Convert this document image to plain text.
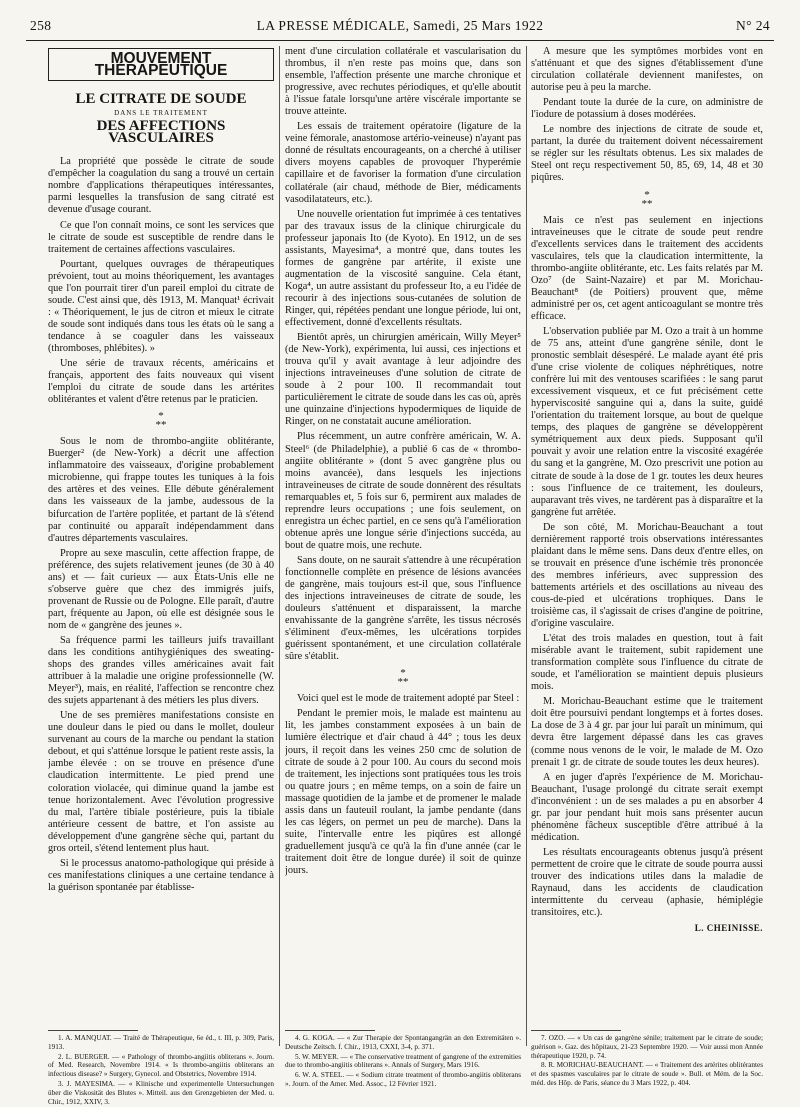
258	LA PRESSE MÉDICALE, Samedi, 25 Mars 1922	N° 24
MOUVEMENT THÉRAPEUTIQUE
LE CITRATE DE SOUDE
DANS LE TRAITEMENT
DES AFFECTIONS VASCULAIRES

La propriété que possède le citrate de soude d'empêcher la coagulation du sang a trouvé un certain nombre d'applications thérapeutiques intéressantes, parmi lesquelles la transfusion de sang citraté est devenue d'usage courant.

Ce que l'on connaît moins, ce sont les services que le citrate de soude est susceptible de rendre dans le traitement de certaines affections vasculaires.

Pourtant, quelques ouvrages de thérapeutiques prévoient, tout au moins théoriquement, les avantages que l'on pourrait tirer d'un pareil emploi du citrate de soude. C'est ainsi que, dès 1913, M. Manquat¹ écrivait : « Théoriquement, le jus de citron et mieux le citrate de soude sont indiqués dans tous les états où le sang a tendance à se coaguler dans les vaisseaux (thromboses, phlébites). »

Une série de travaux récents, américains et français, apportent des faits nouveaux qui visent l'emploi du citrate de soude dans les artérites oblitérantes et valent d'être retenus par le praticien.

*
**

Sous le nom de thrombo-angiite oblitérante, Buerger² (de New-York) a décrit une affection inflammatoire des vaisseaux, d'origine probablement microbienne, qui frappe toutes les tuniques à la fois des artères et des veines. Elle débute généralement dans les vaisseaux de la jambe, audessous de la bifurcation de l'artère poplitée, et partant de là s'étend par continuité ou apparaît indépendamment dans d'autres départements vasculaires.

Propre au sexe masculin, cette affection frappe, de préférence, des sujets relativement jeunes (de 30 à 40 ans) et — fait curieux — aux États-Unis elle ne s'observe guère que chez des immigrés juifs, provenant de Russie ou de Pologne. Elle paraît, d'autre part, fréquente au Japon, où elle est désignée sous le nom de « gangrène des jeunes ».

Sa fréquence parmi les tailleurs juifs travaillant dans les conditions antihygiéniques des sweating-shops des grandes villes américaines avait fait attribuer à la maladie une origine professionnelle (W. Meyer³), mais, en réalité, l'affection se rencontre chez des sujets appartenant à des métiers les plus divers.

Une de ses premières manifestations consiste en une douleur dans le pied ou dans le mollet, douleur survenant au cours de la marche ou pendant la station debout, et qui s'atténue lorsque le patient reste assis, la jambe élevée : on se trouve en présence d'une claudication intermittente. Le pied prend une coloration violacée, qui diminue quand la jambe est tenue horizontalement. Avec l'évolution progressive du mal, l'artère tibiale postérieure, puis la tibiale antérieure cessent de battre, et l'on assiste au développement d'une gangrène sèche qui, partant du gros orteil, s'étend lentement plus haut.

Si le processus anatomo-pathologique qui préside à ces manifestations cliniques a une certaine tendance à la guérison spontanée par établisse-

ment d'une circulation collatérale et vascularisation du thrombus, il n'en reste pas moins que, dans son ensemble, l'affection présente une marche chronique et progressive, avec rechutes périodiques, et qu'elle aboutit à l'issue fatale lorsqu'une artère viscérale importante se trouve atteinte.

Les essais de traitement opératoire (ligature de la veine fémorale, anastomose artério-veineuse) n'ayant pas donné de résultats encourageants, on a cherché à utiliser divers moyens capables de provoquer l'hyperémie capillaire et de favoriser la formation d'une circulation collatérale (air chaud, méthode de Bier, médicaments vasodilatateurs, etc.).

Une nouvelle orientation fut imprimée à ces tentatives par des travaux issus de la clinique chirurgicale du professeur japonais Ito (de Kyoto). En 1912, un de ses assistants, Mayesima⁴, a montré que, dans toutes les formes de gangrène par artérite, il existe une augmentation de la viscosité sanguine. Cela étant, Koga⁴, un autre assistant du professeur Ito, a eu l'idée de recourir à des injections sous-cutanées de solution de Ringer, qui, répétées pendant une longue période, lui ont, effectivement, donné d'excellents résultats.

Bientôt après, un chirurgien américain, Willy Meyer⁵ (de New-York), expérimenta, lui aussi, ces injections et trouva qu'il y avait avantage à leur adjoindre des injections intraveineuses d'une solution de citrate de soude à 2 pour 100. Il recommandait tout particulièrement le citrate de soude dans les cas où, après une quinzaine d'injections hypodermiques de liquide de Ringer, on ne constatait aucune amélioration.

Plus récemment, un autre confrère américain, W. A. Steel⁶ (de Philadelphie), a publié 6 cas de « thrombo-angiite oblitérante » (dont 5 avec gangrène plus ou moins avancée), dans lesquels les injections intraveineuses de citrate de soude donnèrent des résultats remarquables et, 5 fois sur 6, permirent aux malades de reprendre leurs occupations ; une fois seulement, on enregistra un échec partiel, en ce sens qu'à l'amélioration obtenue après une longue série d'injections succéda, au bout de quatre mois, une rechute.

Sans doute, on ne saurait s'attendre à une récupération fonctionnelle complète en présence de lésions avancées de gangrène, mais toujours est-il que, sous l'influence des injections intraveineuses de citrate de soude, les douleurs s'atténuent et disparaissent, la marche envahissante de la gangrène s'arrête, les tissus nécrosés s'éliminent d'eux-mêmes, les ulcérations torpides guérissent spontanément, et une circulation collatérale sûre s'établit.

*
**

Voici quel est le mode de traitement adopté par Steel :

Pendant le premier mois, le malade est maintenu au lit, les jambes constamment exposées à un bain de lumière électrique et d'air chaud à 44° ; tous les deux jours, il reçoit dans les veines 250 cmc de solution de citrate de soude à 2 pour 100. Au cours du second mois de traitement, les injections sont pratiquées tous les trois ou quatre jours ; en même temps, on a soin de faire un massage quotidien de la jambe et de promener le malade assis dans un fauteuil roulant, la jambe pendante (dans les cas légers, on permet un peu de marche). Dans la suite, l'intervalle entre les piqûres est allongé graduellement jusqu'à ce qu'à la fin d'une année (car le traitement doit être de longue durée) il soit de quinze jours.

A mesure que les symptômes morbides vont en s'atténuant et que des signes d'établissement d'une circulation collatérale deviennent manifestes, on autorise peu à peu la marche.

Pendant toute la durée de la cure, on administre de l'iodure de potassium à doses modérées.

Le nombre des injections de citrate de soude et, partant, la durée du traitement doivent nécessairement se régler sur les résultats obtenus. Les six malades de Steel ont reçu respectivement 50, 85, 69, 14, 48 et 30 piqûres.

*
**

Mais ce n'est pas seulement en injections intraveineuses que le citrate de soude peut rendre d'excellents services dans le traitement des accidents vasculaires, tels que la claudication intermittente, la thrombo-angiite oblitérante, etc. Les faits relatés par M. Ozo⁷ (de Saint-Nazaire) et par M. Morichau-Beauchant⁸ (de Poitiers) prouvent que, même administré per os, cet agent anticoagulant se montre très efficace.

L'observation publiée par M. Ozo a trait à un homme de 75 ans, atteint d'une gangrène sénile, dont le pronostic semblait désespéré. Le malade ayant été pris d'une crise violente de coliques néphrétiques, notre confrère lui mit des ventouses scarifiées : le sang parut excessivement visqueux, et ce fut précisément cette hyperviscosité sanguine qui a, dans la suite, guidé l'orientation du traitement lorsque, au bout de quelque temps, des plaques de gangrène se développèrent symétriquement aux deux pieds. Supposant qu'il pouvait y avoir une relation entre la viscosité exagérée du sang et la gangrène, M. Ozo prescrivit une potion au citrate de soude à la dose de 1 gr. toutes les deux heures : sous l'influence de ce traitement, les douleurs, auparavant très vives, ne tardèrent pas à disparaître et la gangrène fut arrêtée.

De son côté, M. Morichau-Beauchant a tout dernièrement rapporté trois observations intéressantes plaidant dans le même sens. Dans deux d'entre elles, on se trouvait en présence d'une ischémie très prononcée des membres inférieurs, avec suppression des battements artériels et des oscillations au niveau des cous-de-pied et ulcérations trophiques. Dans le troisième cas, il s'agissait de crises d'angine de poitrine, d'origine vasculaire.

L'état des trois malades en question, tout à fait misérable avant le traitement, subit rapidement une transformation complète sous l'influence du citrate de soude, et l'amélioration se maintient depuis plusieurs mois.

M. Morichau-Beauchant estime que le traitement doit être poursuivi pendant longtemps et à fortes doses. La dose de 3 à 4 gr. par jour lui paraît un minimum, qui devra être largement dépassé dans les cas graves (comme nous venons de le voir, le malade de M. Ozo prenait 1 gr. de citrate de soude toutes les deux heures).

A en juger d'après l'expérience de M. Morichau-Beauchant, l'usage prolongé du citrate serait exempt d'inconvénient : un de ses malades a pu en absorber 4 gr. par jour pendant huit mois sans présenter aucun phénomène fâcheux susceptible d'être attribué à la médication.

Les résultats encourageants obtenus jusqu'à présent permettent de croire que le citrate de soude pourra aussi trouver des indications utiles dans la maladie de Raynaud, dans les accidents de claudication intermittente du cerveau (aphasie, hémiplégie transitoires, etc.).

L. CHEINISSE.

1. A. MANQUAT. — Traité de Thérapeutique, 6e éd., t. III, p. 309, Paris, 1913.

2. L. BUERGER. — « Pathology of thrombo-angiitis obliterans ». Journ. of Med. Research, Novembre 1914. « Is thrombo-angiitis obliterans an infectious disease? » Surgery, Gynecol. and Obstetrics, Novembre 1914.

3. J. MAYESIMA. — « Klinische und experimentelle Untersuchungen über die Viskosität des Blutes ». Mitteil. aus den Grenzgebieten der Med. u. Chir., 1912, XXIV, 3.

4. G. KOGA. — « Zur Therapie der Spontangangrän an den Extremitäten ». Deutsche Zeitsch. f. Chir., 1913, CXXI, 3-4, p. 371.

5. W. MEYER. — « The conservative treatment of gangrene of the extremities due to thrombo-angiitis obliterans ». Annals of Surgery, Mars 1916.

6. W. A. STEEL. — « Sodium citrate treatment of thrombo-angiitis obliterans ». Journ. of the Amer. Med. Assoc., 12 Février 1921.

7. OZO. — « Un cas de gangrène sénile; traitement par le citrate de soude; guérison ». Gaz. des hôpitaux, 21-23 Septembre 1920. — Voir aussi mon Année thérapeutique 1920, p. 74.

8. R. MORICHAU-BEAUCHANT. — « Traitement des artérites oblitérantes et des spasmes vasculaires par le citrate de soude ». Bull. et Mém. de la Soc. méd. des Hôp. de Paris, séance du 3 Mars 1922, p. 404.
